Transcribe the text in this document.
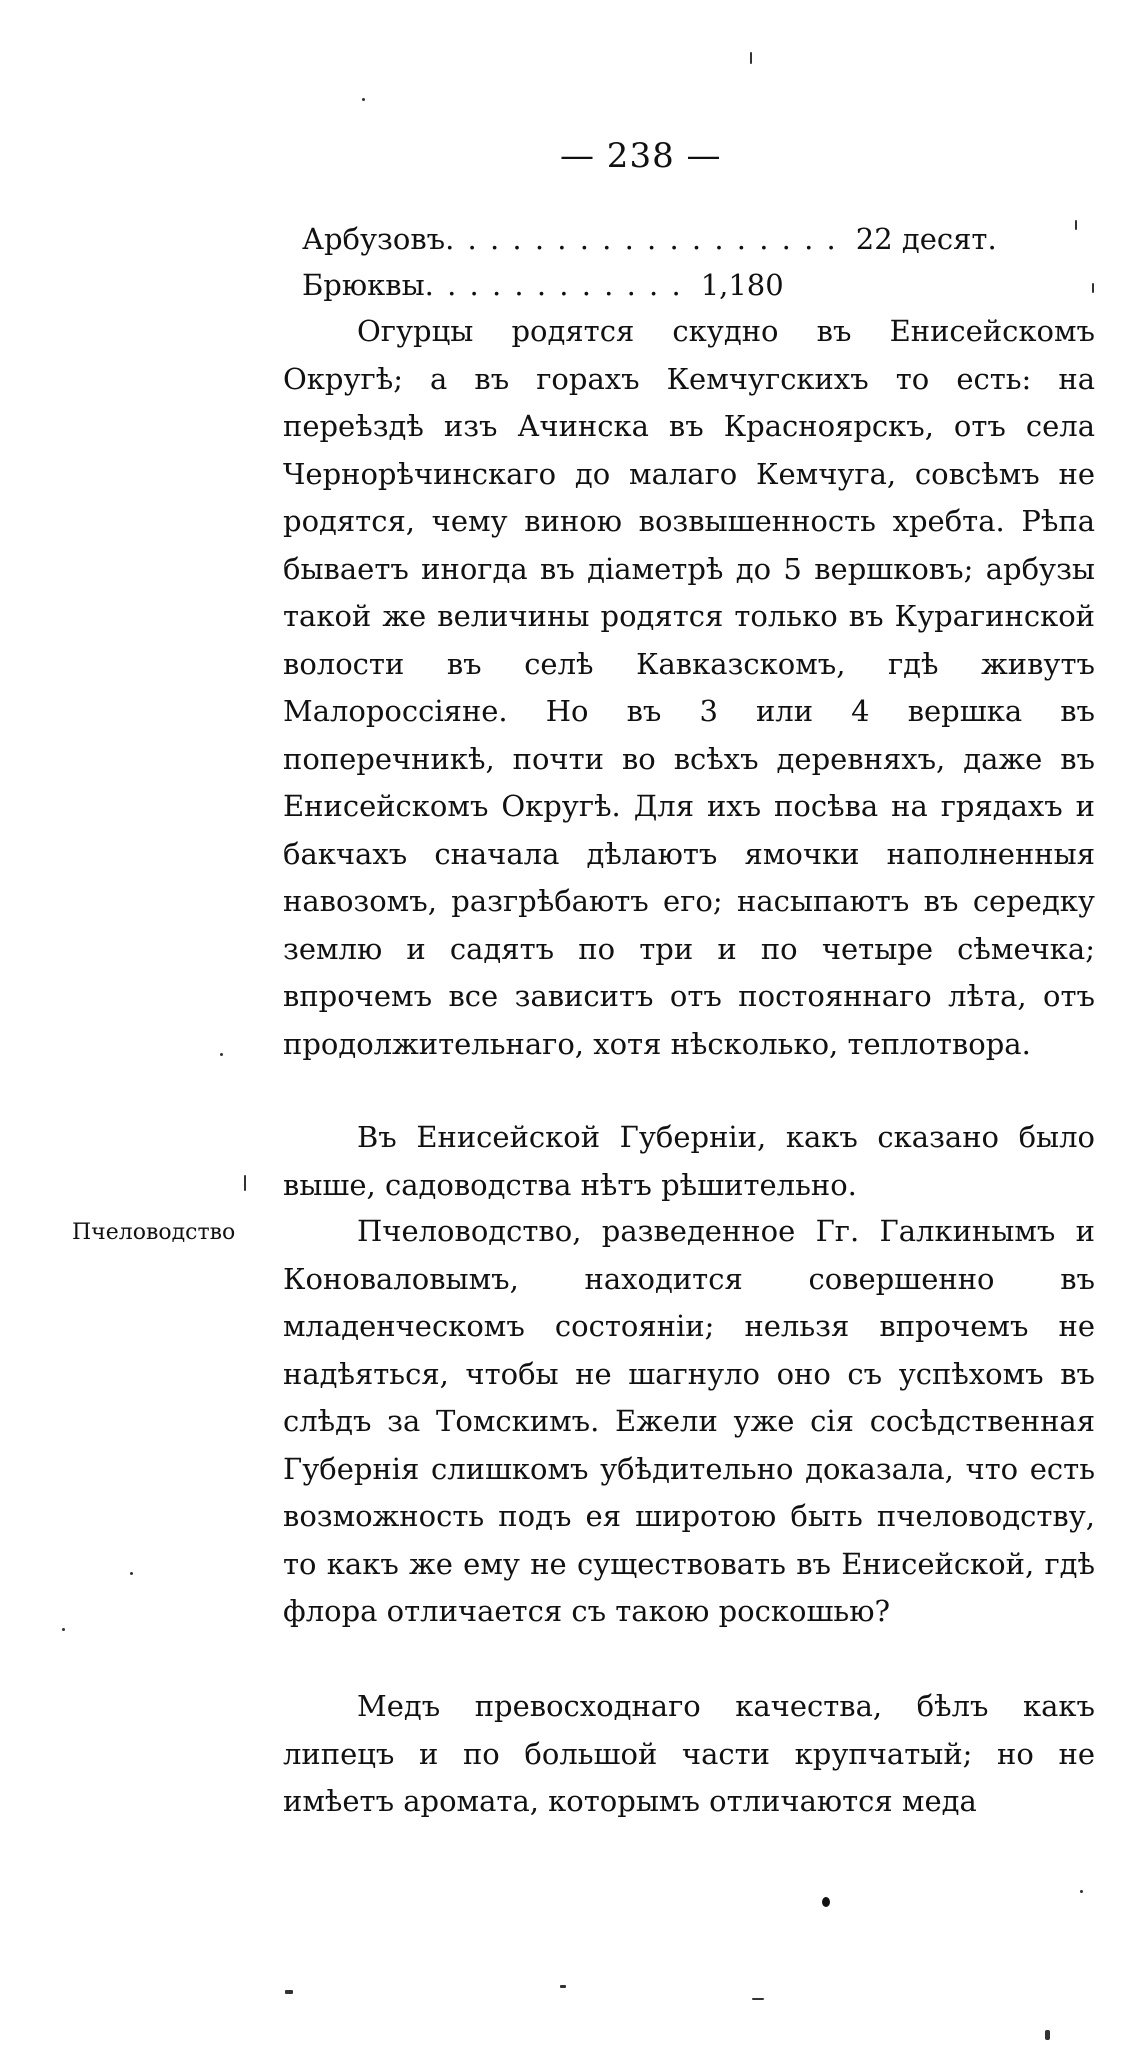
— 238 —
Арбузовъ. . . . . . . . . . . . . . . . . . 22 десят.
Брюквы. . . . . . . . . . . . 1,180

Огурцы родятся скудно въ Енисейскомъ Округѣ; а въ горахъ Кемчугскихъ то есть: на переѣздѣ изъ Ачинска въ Красноярскъ, отъ села Чернорѣчинскаго до малаго Кемчуга, совсѣмъ не родятся, чему виною возвышенность хребта. Рѣпа бываетъ иногда въ діаметрѣ до 5 вершковъ; арбузы такой же величины родятся только въ Курагинской волости въ селѣ Кавказскомъ, гдѣ живутъ Малороссіяне. Но въ 3 или 4 вершка въ поперечникѣ, почти во всѣхъ деревняхъ, даже въ Енисейскомъ Округѣ. Для ихъ посѣва на грядахъ и бакчахъ сначала дѣлаютъ ямочки наполненныя навозомъ, разгрѣбаютъ его; насыпаютъ въ середку землю и садятъ по три и по четыре сѣмечка; впрочемъ все зависитъ отъ постояннаго лѣта, отъ продолжительнаго, хотя нѣсколько, теплотвора.

Въ Енисейской Губерніи, какъ сказано было выше, садоводства нѣтъ рѣшительно.

Пчеловодство	Пчеловодство, разведенное Гг. Галкинымъ и Коноваловымъ, находится совершенно въ младенческомъ состояніи; нельзя впрочемъ не надѣяться, чтобы не шагнуло оно съ успѣхомъ въ слѣдъ за Томскимъ. Ежели уже сія сосѣдственная Губернія слишкомъ убѣдительно доказала, что есть возможность подъ ея широтою быть пчеловодству, то какъ же ему не существовать въ Енисейской, гдѣ флора отличается съ такою роскошью?

Медъ превосходнаго качества, бѣлъ какъ липецъ и по большой части крупчатый; но не имѣетъ аромата, которымъ отличаются меда
